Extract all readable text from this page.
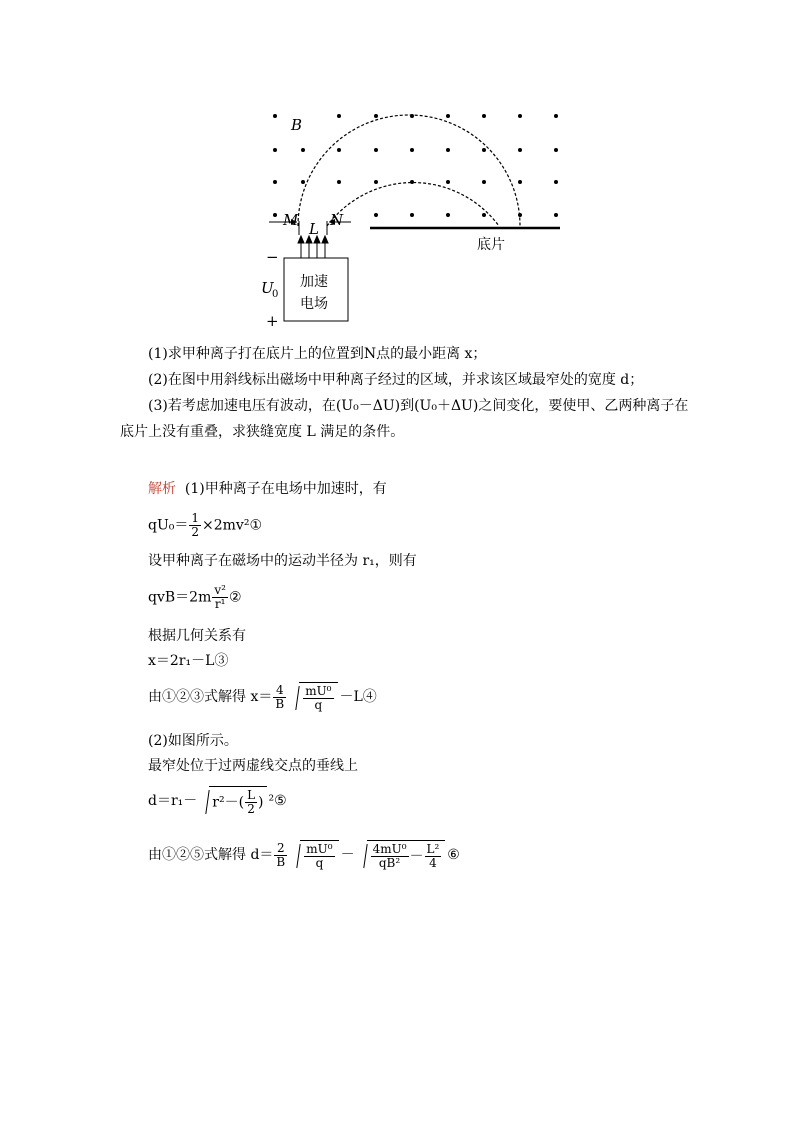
B
M L N
−
+
U
0
加速
电场
底片

(1)求甲种离子打在底片上的位置到N点的最小距离 x；

(2)在图中用斜线标出磁场中甲种离子经过的区域，并求该区域最窄处的宽度 d；

(3)若考虑加速电压有波动，在(U₀－ΔU)到(U₀＋ΔU)之间变化，要使甲、乙两种离子在底片上没有重叠，求狭缝宽度 L 满足的条件。

解析 (1)甲种离子在电场中加速时，有
$qU_0= \frac{1}{2}$ ×2mv²①
设甲种离子在磁场中的运动半径为 r₁，则有
$qvB=2m \frac{\text{v²}}{\text{r¹}}$ ②
根据几何关系有
x＝2r₁－L③
由①②③式解得 $x= \frac{4}{B} \frac{\text{mU⁰}}{q}$ －L④
(2)如图所示。
最窄处位于过两虚线交点的垂线上
$d=r_1- r^2-( \frac{L}{2}$ ) ²⑤
由①②⑤式解得 $d= \frac{2}{B} \frac{\text{mU⁰}}{q} - \frac{\text{4mU⁰}}{\text{qB²}} - \frac{\text{L²}}{4}$ ⑥
